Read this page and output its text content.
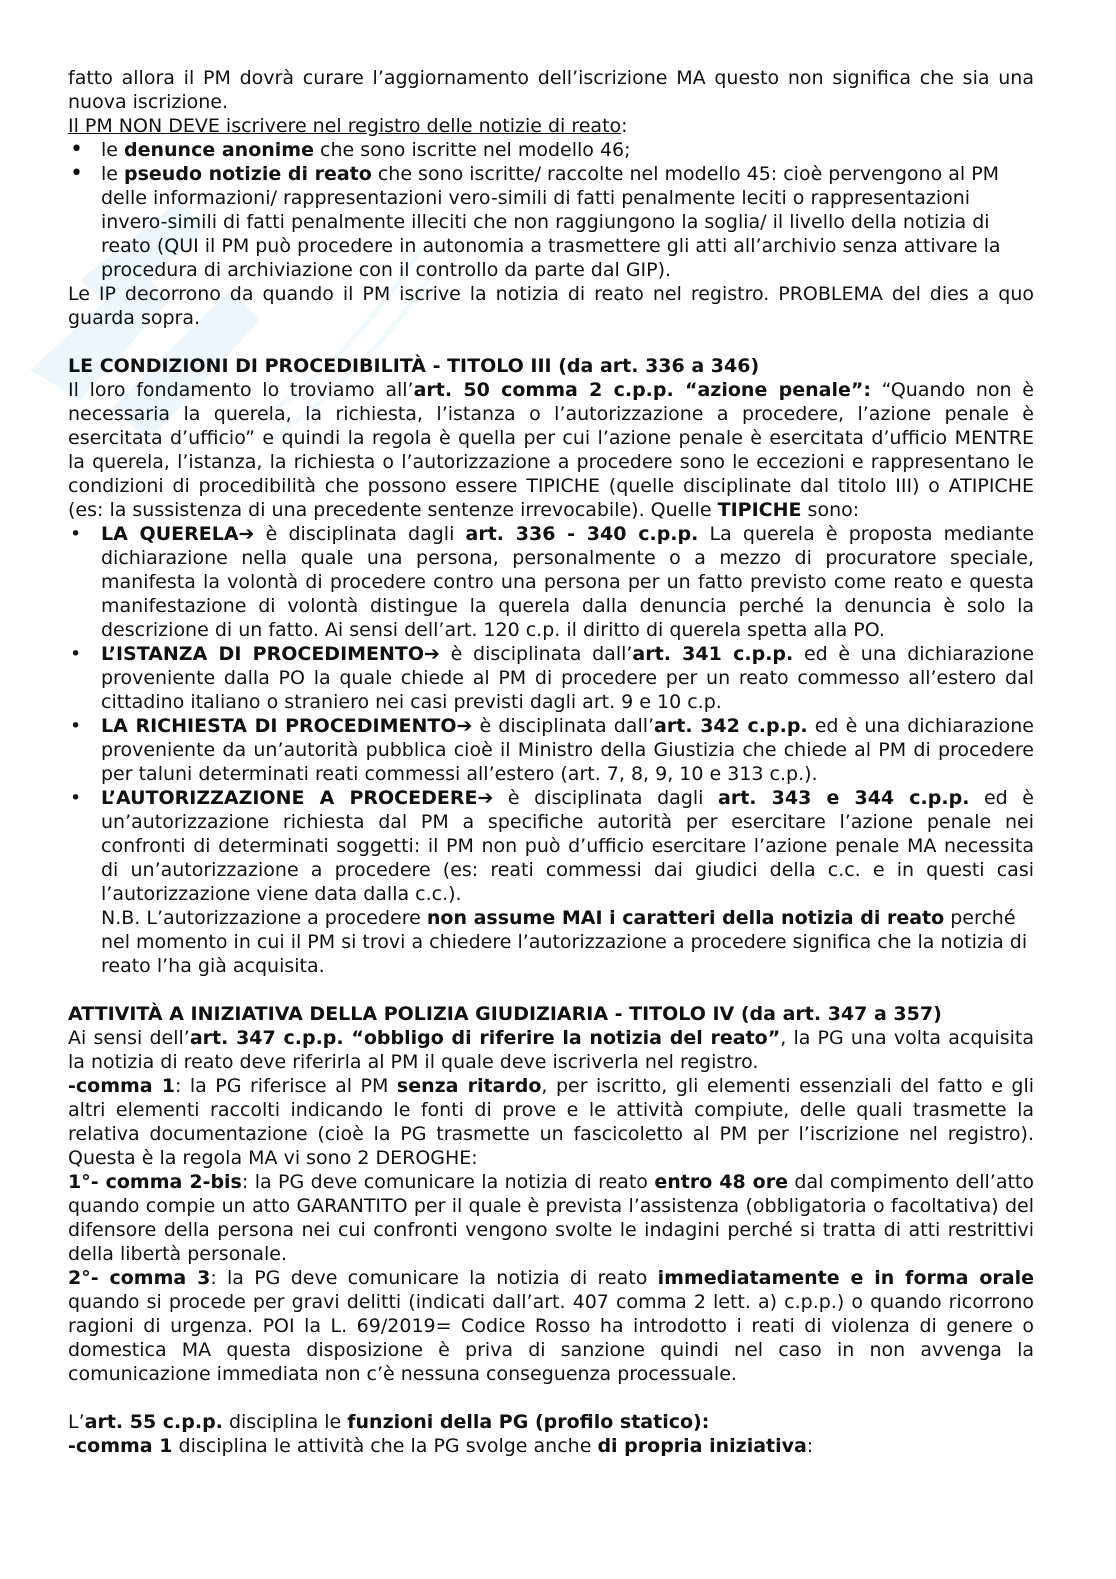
fatto allora il PM dovrà curare l’aggiornamento dell’iscrizione MA questo non significa che sia una nuova iscrizione.

Il PM NON DEVE iscrivere nel registro delle notizie di reato:

• le denunce anonime che sono iscritte nel modello 46;
• le pseudo notizie di reato che sono iscritte/ raccolte nel modello 45: cioè pervengono al PM delle informazioni/ rappresentazioni vero-simili di fatti penalmente leciti o rappresentazioni invero-simili di fatti penalmente illeciti che non raggiungono la soglia/ il livello della notizia di reato (QUI il PM può procedere in autonomia a trasmettere gli atti all’archivio senza attivare la procedura di archiviazione con il controllo da parte dal GIP).

Le IP decorrono da quando il PM iscrive la notizia di reato nel registro. PROBLEMA del dies a quo guarda sopra.

LE CONDIZIONI DI PROCEDIBILITÀ - TITOLO III (da art. 336 a 346)

Il loro fondamento lo troviamo all’art. 50 comma 2 c.p.p. “azione penale”: “Quando non è necessaria la querela, la richiesta, l’istanza o l’autorizzazione a procedere, l’azione penale è esercitata d’ufficio” e quindi la regola è quella per cui l’azione penale è esercitata d’ufficio MENTRE la querela, l’istanza, la richiesta o l’autorizzazione a procedere sono le eccezioni e rappresentano le condizioni di procedibilità che possono essere TIPICHE (quelle disciplinate dal titolo III) o ATIPICHE (es: la sussistenza di una precedente sentenze irrevocabile). Quelle TIPICHE sono:

• LA QUERELA➔ è disciplinata dagli art. 336 - 340 c.p.p. La querela è proposta mediante dichiarazione nella quale una persona, personalmente o a mezzo di procuratore speciale, manifesta la volontà di procedere contro una persona per un fatto previsto come reato e questa manifestazione di volontà distingue la querela dalla denuncia perché la denuncia è solo la descrizione di un fatto. Ai sensi dell’art. 120 c.p. il diritto di querela spetta alla PO.
• L’ISTANZA DI PROCEDIMENTO➔ è disciplinata dall’art. 341 c.p.p. ed è una dichiarazione proveniente dalla PO la quale chiede al PM di procedere per un reato commesso all’estero dal cittadino italiano o straniero nei casi previsti dagli art. 9 e 10 c.p.
• LA RICHIESTA DI PROCEDIMENTO➔ è disciplinata dall’art. 342 c.p.p. ed è una dichiarazione proveniente da un’autorità pubblica cioè il Ministro della Giustizia che chiede al PM di procedere per taluni determinati reati commessi all’estero (art. 7, 8, 9, 10 e 313 c.p.).
• L’AUTORIZZAZIONE A PROCEDERE➔ è disciplinata dagli art. 343 e 344 c.p.p. ed è un’autorizzazione richiesta dal PM a specifiche autorità per esercitare l’azione penale nei confronti di determinati soggetti: il PM non può d’ufficio esercitare l’azione penale MA necessita di un’autorizzazione a procedere (es: reati commessi dai giudici della c.c. e in questi casi l’autorizzazione viene data dalla c.c.).

N.B. L’autorizzazione a procedere non assume MAI i caratteri della notizia di reato perché nel momento in cui il PM si trovi a chiedere l’autorizzazione a procedere significa che la notizia di reato l’ha già acquisita.

ATTIVITÀ A INIZIATIVA DELLA POLIZIA GIUDIZIARIA - TITOLO IV (da art. 347 a 357)

Ai sensi dell’art. 347 c.p.p. “obbligo di riferire la notizia del reato”, la PG una volta acquisita la notizia di reato deve riferirla al PM il quale deve iscriverla nel registro.

-comma 1: la PG riferisce al PM senza ritardo, per iscritto, gli elementi essenziali del fatto e gli altri elementi raccolti indicando le fonti di prove e le attività compiute, delle quali trasmette la relativa documentazione (cioè la PG trasmette un fascicoletto al PM per l’iscrizione nel registro). Questa è la regola MA vi sono 2 DEROGHE:

1°- comma 2-bis: la PG deve comunicare la notizia di reato entro 48 ore dal compimento dell’atto quando compie un atto GARANTITO per il quale è prevista l’assistenza (obbligatoria o facoltativa) del difensore della persona nei cui confronti vengono svolte le indagini perché si tratta di atti restrittivi della libertà personale.

2°- comma 3: la PG deve comunicare la notizia di reato immediatamente e in forma orale quando si procede per gravi delitti (indicati dall’art. 407 comma 2 lett. a) c.p.p.) o quando ricorrono ragioni di urgenza. POI la L. 69/2019= Codice Rosso ha introdotto i reati di violenza di genere o domestica MA questa disposizione è priva di sanzione quindi nel caso in non avvenga la comunicazione immediata non c’è nessuna conseguenza processuale.

L’art. 55 c.p.p. disciplina le funzioni della PG (profilo statico):

-comma 1 disciplina le attività che la PG svolge anche di propria iniziativa:
